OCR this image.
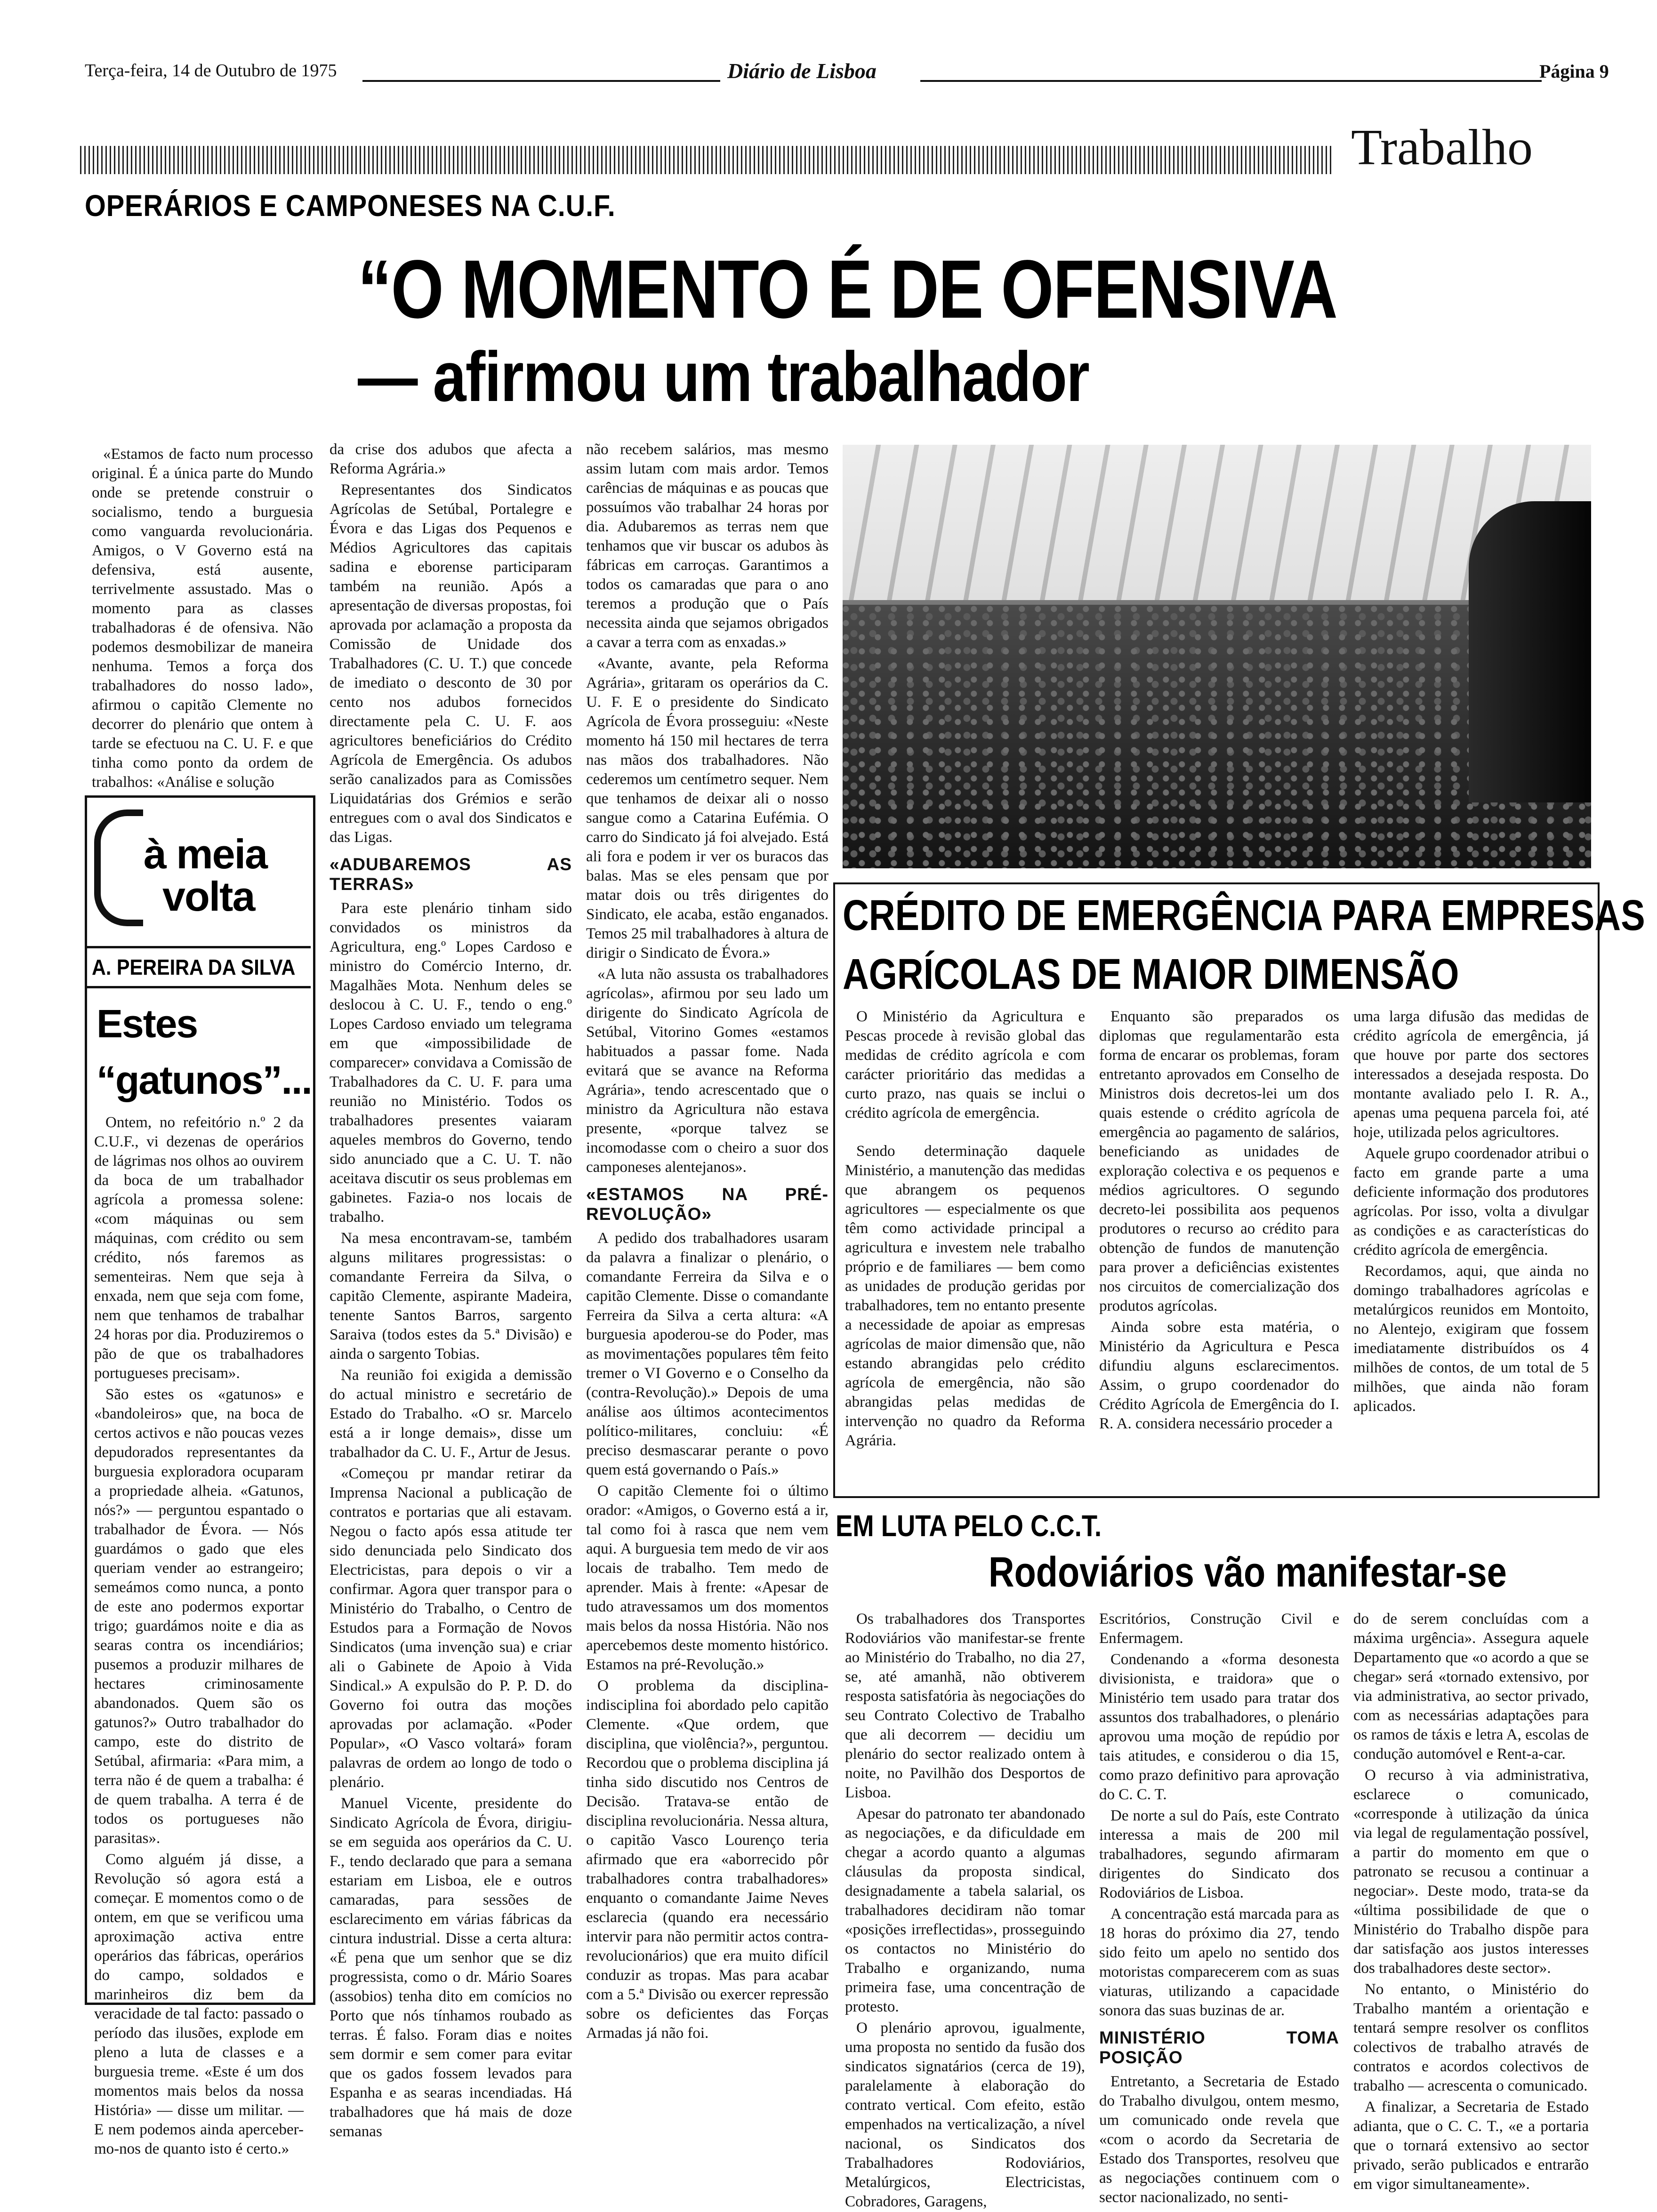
Terça-feira, 14 de Outubro de 1975	Diário de Lisboa	Página 9
Trabalho
OPERÁRIOS E CAMPONESES NA C.U.F.
“O MOMENTO É DE OFENSIVA
— afirmou um trabalhador

«Estamos de facto num processo original. É a única parte do Mundo onde se pretende construir o socialismo, tendo a burguesia como vanguarda revolucionária. Amigos, o V Governo está na defensiva, está ausente, terrivelmente assustado. Mas o momento para as classes trabalhadoras é de ofensiva. Não podemos desmobilizar de maneira nenhuma. Temos a força dos trabalhadores do nosso lado», afirmou o capitão Clemente no decorrer do plenário que ontem à tarde se efectuou na C. U. F. e que tinha como ponto da ordem de trabalhos: «Análise e solução

da crise dos adubos que afecta a Reforma Agrária.»

Representantes dos Sindicatos Agrícolas de Setúbal, Portalegre e Évora e das Ligas dos Pequenos e Médios Agricultores das capitais sadina e eborense participaram também na reunião. Após a apresentação de diversas propostas, foi aprovada por aclamação a proposta da Comissão de Unidade dos Trabalhadores (C. U. T.) que concede de imediato o desconto de 30 por cento nos adubos fornecidos directamente pela C. U. F. aos agricultores beneficiários do Crédito Agrícola de Emergência. Os adubos serão canalizados para as Comissões Liquidatárias dos Grémios e serão entregues com o aval dos Sindicatos e das Ligas.

«ADUBAREMOS AS TERRAS»

Para este plenário tinham sido convidados os ministros da Agricultura, eng.º Lopes Cardoso e ministro do Comércio Interno, dr. Magalhães Mota. Nenhum deles se deslocou à C. U. F., tendo o eng.º Lopes Cardoso enviado um telegrama em que «impossibilidade de comparecer» convidava a Comissão de Trabalhadores da C. U. F. para uma reunião no Ministério. Todos os trabalhadores presentes vaiaram aqueles membros do Governo, tendo sido anunciado que a C. U. T. não aceitava discutir os seus problemas em gabinetes. Fazia-o nos locais de trabalho.

Na mesa encontravam-se, também alguns militares progressistas: o comandante Ferreira da Silva, o capitão Clemente, aspirante Madeira, tenente Santos Barros, sargento Saraiva (todos estes da 5.ª Divisão) e ainda o sargento Tobias.

Na reunião foi exigida a demissão do actual ministro e secretário de Estado do Trabalho. «O sr. Marcelo está a ir longe demais», disse um trabalhador da C. U. F., Artur de Jesus.

«Começou pr mandar retirar da Imprensa Nacional a publicação de contratos e portarias que ali estavam. Negou o facto após essa atitude ter sido denunciada pelo Sindicato dos Electricistas, para depois o vir a confirmar. Agora quer transpor para o Ministério do Trabalho, o Centro de Estudos para a Formação de Novos Sindicatos (uma invenção sua) e criar ali o Gabinete de Apoio à Vida Sindical.» A expulsão do P. P. D. do Governo foi outra das moções aprovadas por aclamação. «Poder Popular», «O Vasco voltará» foram palavras de ordem ao longo de todo o plenário.

Manuel Vicente, presidente do Sindicato Agrícola de Évora, dirigiu-se em seguida aos operários da C. U. F., tendo declarado que para a semana estariam em Lisboa, ele e outros camaradas, para sessões de esclarecimento em várias fábricas da cintura industrial. Disse a certa altura: «É pena que um senhor que se diz progressista, como o dr. Mário Soares (assobios) tenha dito em comícios no Porto que nós tínhamos roubado as terras. É falso. Foram dias e noites sem dormir e sem comer para evitar que os gados fossem levados para Espanha e as searas incendiadas. Há trabalhadores que há mais de doze semanas

não recebem salários, mas mesmo assim lutam com mais ardor. Temos carências de máquinas e as poucas que possuímos vão trabalhar 24 horas por dia. Adubaremos as terras nem que tenhamos que vir buscar os adubos às fábricas em carroças. Garantimos a todos os camaradas que para o ano teremos a produção que o País necessita ainda que sejamos obrigados a cavar a terra com as enxadas.»

«Avante, avante, pela Reforma Agrária», gritaram os operários da C. U. F. E o presidente do Sindicato Agrícola de Évora prosseguiu: «Neste momento há 150 mil hectares de terra nas mãos dos trabalhadores. Não cederemos um centímetro sequer. Nem que tenhamos de deixar ali o nosso sangue como a Catarina Eufémia. O carro do Sindicato já foi alvejado. Está ali fora e podem ir ver os buracos das balas. Mas se eles pensam que por matar dois ou três dirigentes do Sindicato, ele acaba, estão enganados. Temos 25 mil trabalhadores à altura de dirigir o Sindicato de Évora.»

«A luta não assusta os trabalhadores agrícolas», afirmou por seu lado um dirigente do Sindicato Agrícola de Setúbal, Vitorino Gomes «estamos habituados a passar fome. Nada evitará que se avance na Reforma Agrária», tendo acrescentado que o ministro da Agricultura não estava presente, «porque talvez se incomodasse com o cheiro a suor dos camponeses alentejanos».

«ESTAMOS NA PRÉ-REVOLUÇÃO»

A pedido dos trabalhadores usaram da palavra a finalizar o plenário, o comandante Ferreira da Silva e o capitão Clemente. Disse o comandante Ferreira da Silva a certa altura: «A burguesia apoderou-se do Poder, mas as movimentações populares têm feito tremer o VI Governo e o Conselho da (contra-Revolução).» Depois de uma análise aos últimos acontecimentos político-militares, concluiu: «É preciso desmascarar perante o povo quem está governando o País.»

O capitão Clemente foi o último orador: «Amigos, o Governo está a ir, tal como foi à rasca que nem vem aqui. A burguesia tem medo de vir aos locais de trabalho. Tem medo de aprender. Mais à frente: «Apesar de tudo atravessamos um dos momentos mais belos da nossa História. Não nos apercebemos deste momento histórico. Estamos na pré-Revolução.»

O problema da disciplina-indisciplina foi abordado pelo capitão Clemente. «Que ordem, que disciplina, que violência?», perguntou. Recordou que o problema disciplina já tinha sido discutido nos Centros de Decisão. Tratava-se então de disciplina revolucionária. Nessa altura, o capitão Vasco Lourenço teria afirmado que era «aborrecido pôr trabalhadores contra trabalhadores» enquanto o comandante Jaime Neves esclarecia (quando era necessário intervir para não permitir actos contra-revolucionários) que era muito difícil conduzir as tropas. Mas para acabar com a 5.ª Divisão ou exercer repressão sobre os deficientes das Forças Armadas já não foi.

à meia
volta
A. PEREIRA DA SILVA
Estes
“gatunos”...

Ontem, no refeitório n.º 2 da C.U.F., vi dezenas de operários de lágrimas nos olhos ao ouvirem da boca de um trabalhador agrícola a promessa solene: «com máquinas ou sem máquinas, com crédito ou sem crédito, nós faremos as sementeiras. Nem que seja à enxada, nem que seja com fome, nem que tenhamos de trabalhar 24 horas por dia. Produziremos o pão de que os trabalhadores portugueses precisam».

São estes os «gatunos» e «bandoleiros» que, na boca de certos activos e não poucas vezes depudorados representantes da burguesia exploradora ocuparam a propriedade alheia. «Gatunos, nós?» — perguntou espantado o trabalhador de Évora. — Nós guardámos o gado que eles queriam vender ao estrangeiro; semeámos como nunca, a ponto de este ano podermos exportar trigo; guardámos noite e dia as searas contra os incendiários; pusemos a produzir milhares de hectares criminosamente abandonados. Quem são os gatunos?» Outro trabalhador do campo, este do distrito de Setúbal, afirmaria: «Para mim, a terra não é de quem a trabalha: é de quem trabalha. A terra é de todos os portugueses não parasitas».

Como alguém já disse, a Revolução só agora está a começar. E momentos como o de ontem, em que se verificou uma aproximação activa entre operários das fábricas, operários do campo, soldados e marinheiros diz bem da veracidade de tal facto: passado o período das ilusões, explode em pleno a luta de classes e a burguesia treme. «Este é um dos momentos mais belos da nossa História» — disse um militar. — E nem podemos ainda aperceber-mo-nos de quanto isto é certo.»

CRÉDITO DE EMERGÊNCIA PARA EMPRESAS
AGRÍCOLAS DE MAIOR DIMENSÃO

O Ministério da Agricultura e Pescas procede à revisão global das medidas de crédito agrícola e com carácter prioritário das medidas a curto prazo, nas quais se inclui o crédito agrícola de emergência.

Sendo determinação daquele Ministério, a manutenção das medidas que abrangem os pequenos agricultores — especialmente os que têm como actividade principal a agricultura e investem nele trabalho próprio e de familiares — bem como as unidades de produção geridas por trabalhadores, tem no entanto presente a necessidade de apoiar as empresas agrícolas de maior dimensão que, não estando abrangidas pelo crédito agrícola de emergência, não são abrangidas pelas medidas de intervenção no quadro da Reforma Agrária.

Enquanto são preparados os diplomas que regulamentarão esta forma de encarar os problemas, foram entretanto aprovados em Conselho de Ministros dois decretos-lei um dos quais estende o crédito agrícola de emergência ao pagamento de salários, beneficiando as unidades de exploração colectiva e os pequenos e médios agricultores. O segundo decreto-lei possibilita aos pequenos produtores o recurso ao crédito para obtenção de fundos de manutenção para prover a deficiências existentes nos circuitos de comercialização dos produtos agrícolas.

Ainda sobre esta matéria, o Ministério da Agricultura e Pesca difundiu alguns esclarecimentos. Assim, o grupo coordenador do Crédito Agrícola de Emergência do I. R. A. considera necessário proceder a

uma larga difusão das medidas de crédito agrícola de emergência, já que houve por parte dos sectores interessados a desejada resposta. Do montante avaliado pelo I. R. A., apenas uma pequena parcela foi, até hoje, utilizada pelos agricultores.

Aquele grupo coordenador atribui o facto em grande parte a uma deficiente informação dos produtores agrícolas. Por isso, volta a divulgar as condições e as características do crédito agrícola de emergência.

Recordamos, aqui, que ainda no domingo trabalhadores agrícolas e metalúrgicos reunidos em Montoito, no Alentejo, exigiram que fossem imediatamente distribuídos os 4 milhões de contos, de um total de 5 milhões, que ainda não foram aplicados.

EM LUTA PELO C.C.T.
Rodoviários vão manifestar-se

Os trabalhadores dos Transportes Rodoviários vão manifestar-se frente ao Ministério do Trabalho, no dia 27, se, até amanhã, não obtiverem resposta satisfatória às negociações do seu Contrato Colectivo de Trabalho que ali decorrem — decidiu um plenário do sector realizado ontem à noite, no Pavilhão dos Desportos de Lisboa.

Apesar do patronato ter abandonado as negociações, e da dificuldade em chegar a acordo quanto a algumas cláusulas da proposta sindical, designadamente a tabela salarial, os trabalhadores decidiram não tomar «posições irreflectidas», prosseguindo os contactos no Ministério do Trabalho e organizando, numa primeira fase, uma concentração de protesto.

O plenário aprovou, igualmente, uma proposta no sentido da fusão dos sindicatos signatários (cerca de 19), paralelamente à elaboração do contrato vertical. Com efeito, estão empenhados na verticalização, a nível nacional, os Sindicatos dos Trabalhadores Rodoviários, Metalúrgicos, Electricistas, Cobradores, Garagens,

Escritórios, Construção Civil e Enfermagem.

Condenando a «forma desonesta divisionista, e traidora» que o Ministério tem usado para tratar dos assuntos dos trabalhadores, o plenário aprovou uma moção de repúdio por tais atitudes, e considerou o dia 15, como prazo definitivo para aprovação do C. C. T.

De norte a sul do País, este Contrato interessa a mais de 200 mil trabalhadores, segundo afirmaram dirigentes do Sindicato dos Rodoviários de Lisboa.

A concentração está marcada para as 18 horas do próximo dia 27, tendo sido feito um apelo no sentido dos motoristas comparecerem com as suas viaturas, utilizando a capacidade sonora das suas buzinas de ar.

MINISTÉRIO TOMA POSIÇÃO

Entretanto, a Secretaria de Estado do Trabalho divulgou, ontem mesmo, um comunicado onde revela que «com o acordo da Secretaria de Estado dos Transportes, resolveu que as negociações continuem com o sector nacionalizado, no senti-

do de serem concluídas com a máxima urgência». Assegura aquele Departamento que «o acordo a que se chegar» será «tornado extensivo, por via administrativa, ao sector privado, com as necessárias adaptações para os ramos de táxis e letra A, escolas de condução automóvel e Rent-a-car.

O recurso à via administrativa, esclarece o comunicado, «corresponde à utilização da única via legal de regulamentação possível, a partir do momento em que o patronato se recusou a continuar a negociar». Deste modo, trata-se da «última possibilidade de que o Ministério do Trabalho dispõe para dar satisfação aos justos interesses dos trabalhadores deste sector».

No entanto, o Ministério do Trabalho mantém a orientação e tentará sempre resolver os conflitos colectivos de trabalho através de contratos e acordos colectivos de trabalho — acrescenta o comunicado.

A finalizar, a Secretaria de Estado adianta, que o C. C. T., «e a portaria que o tornará extensivo ao sector privado, serão publicados e entrarão em vigor simultaneamente».
